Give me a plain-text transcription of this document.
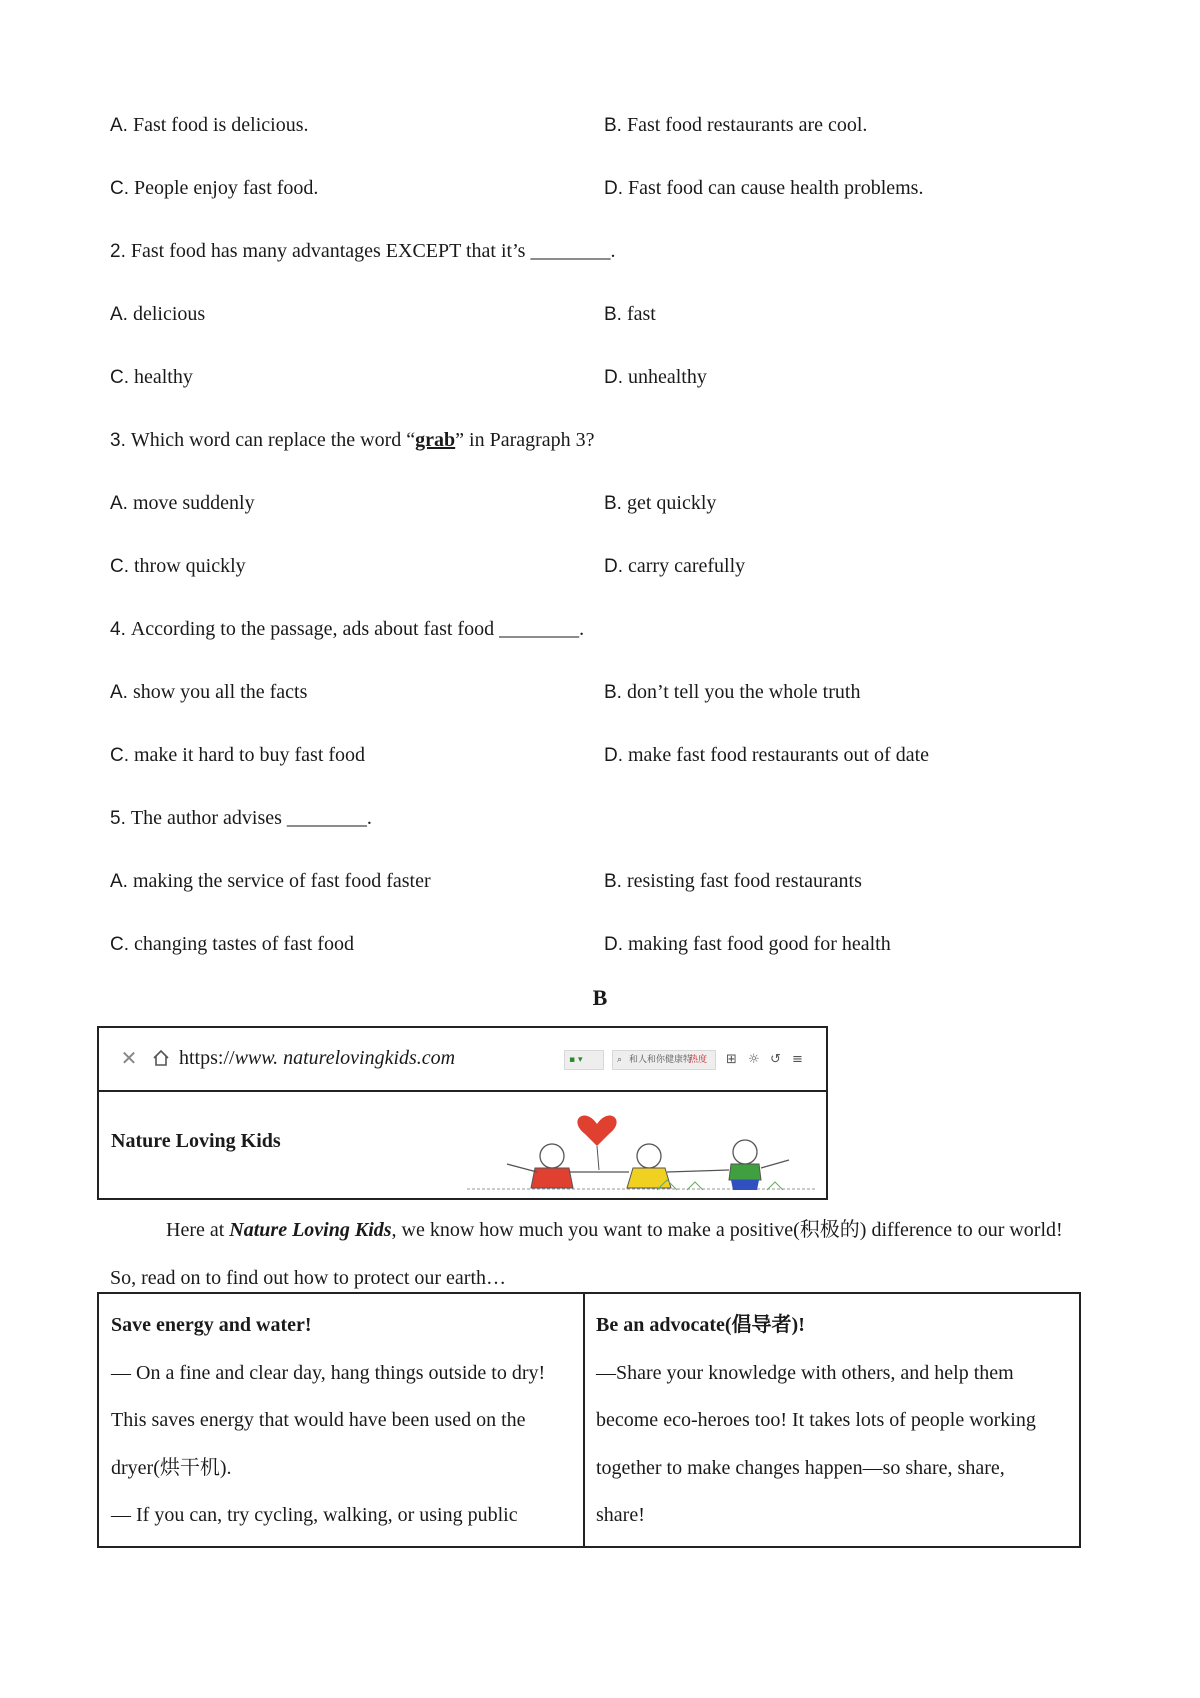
A. Fast food is delicious.	B. Fast food restaurants are cool.
C. People enjoy fast food.	D. Fast food can cause health problems.
2. Fast food has many advantages EXCEPT that it’s ________.
A. delicious	B. fast
C. healthy	D. unhealthy
3. Which word can replace the word “grab” in Paragraph 3?
A. move suddenly	B. get quickly
C. throw quickly	D. carry carefully
4. According to the passage, ads about fast food ________.
A. show you all the facts	B. don’t tell you the whole truth
C. make it hard to buy fast food	D. make fast food restaurants out of date
5. The author advises ________.
A. making the service of fast food faster	B. resisting fast food restaurants
C. changing tastes of fast food	D. making fast food good for health
B
✕ https://www. naturelovingkids.com	▪ ▾	⌕ 和人和你健康特
热度 ⊞ ☼ ↺ ≡
Nature Loving Kids
Here at Nature Loving Kids, we know how much you want to make a positive(积极的) difference to our world!
So, read on to find out how to protect our earth…
Save energy and water!
— On a fine and clear day, hang things outside to dry!
This saves energy that would have been used on the
dryer(烘干机).
— If you can, try cycling, walking, or using public
Be an advocate(倡导者)!
—Share your knowledge with others, and help them
become eco-heroes too! It takes lots of people working
together to make changes happen—so share, share,
share!
